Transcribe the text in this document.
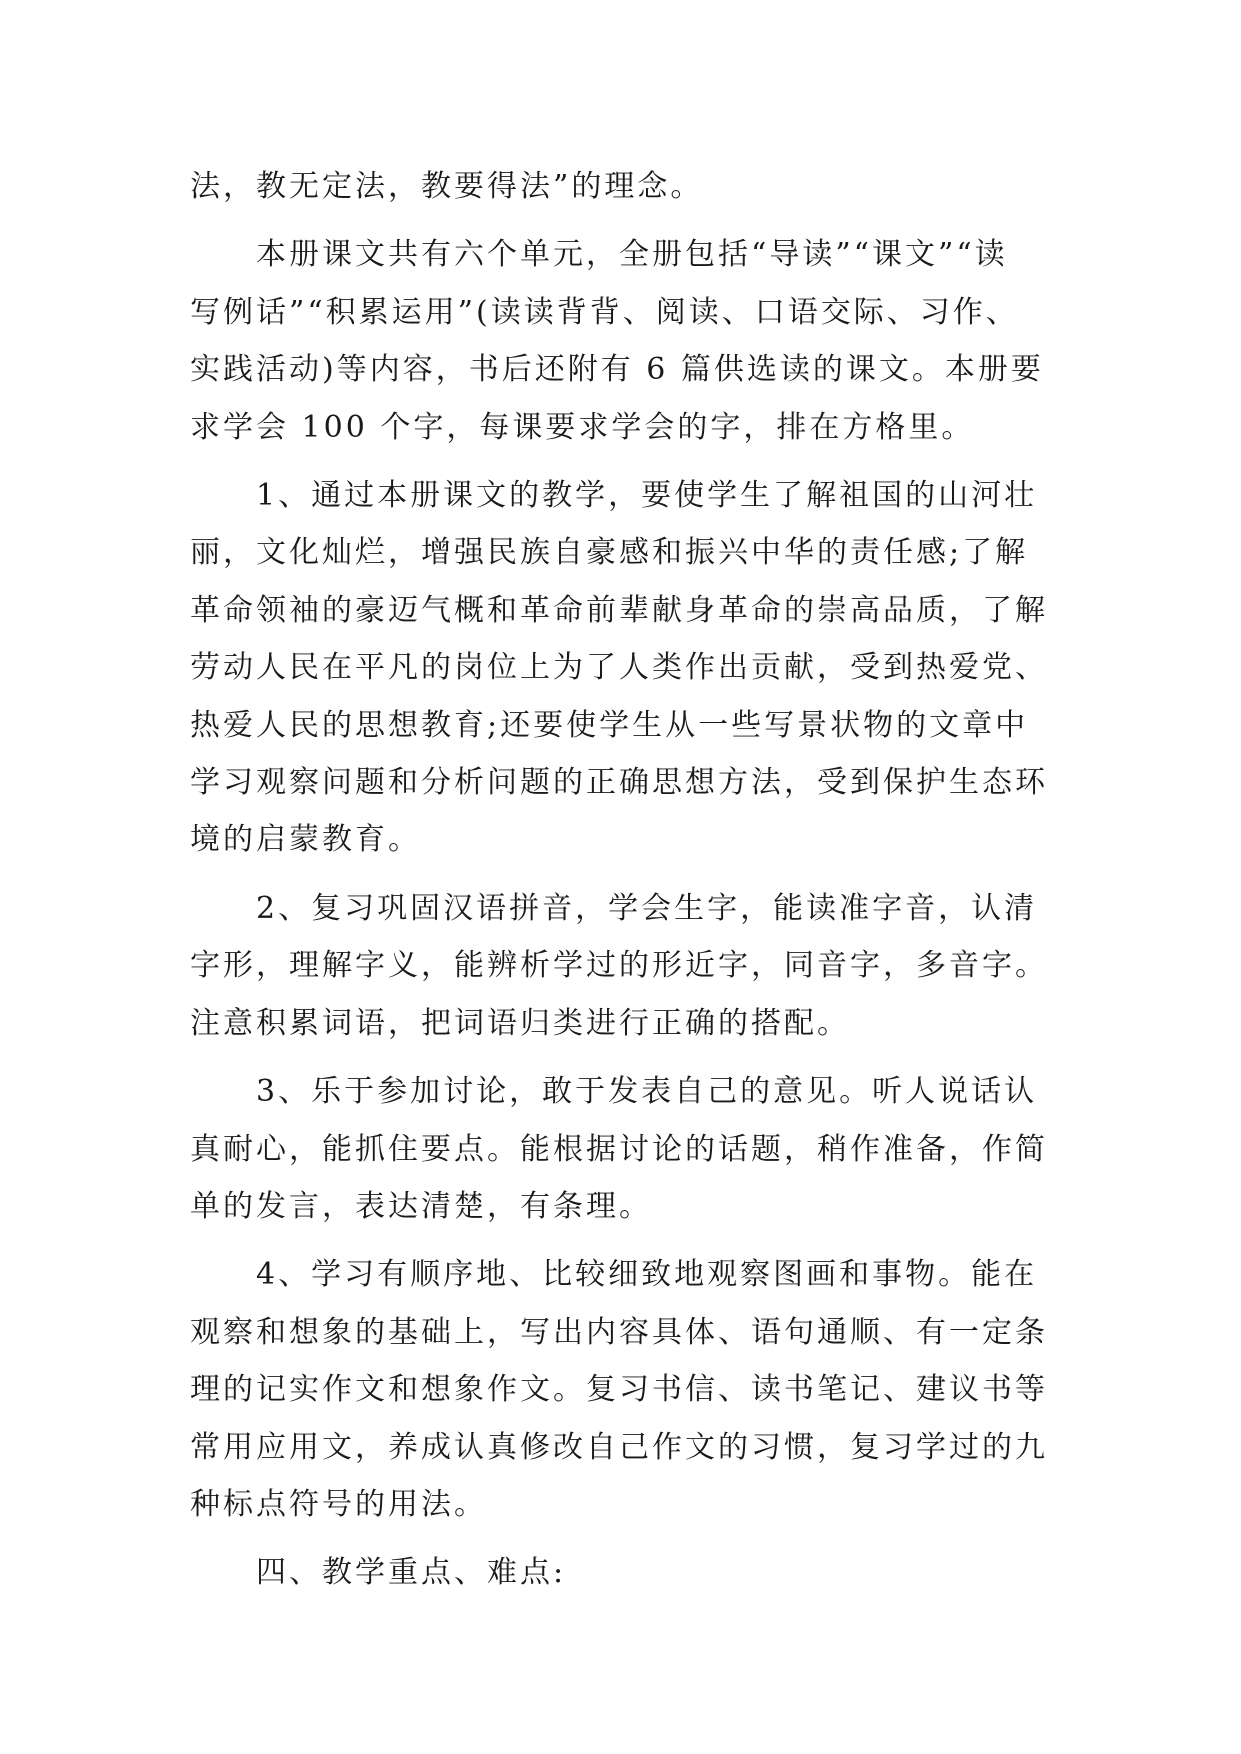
法，教无定法，教要得法”的理念。
本册课文共有六个单元，全册包括“导读”“课文”“读
写例话”“积累运用”(读读背背、阅读、口语交际、习作、
实践活动)等内容，书后还附有 6 篇供选读的课文。本册要
求学会 100 个字，每课要求学会的字，排在方格里。
1、通过本册课文的教学，要使学生了解祖国的山河壮
丽，文化灿烂，增强民族自豪感和振兴中华的责任感;了解
革命领袖的豪迈气概和革命前辈献身革命的崇高品质，了解
劳动人民在平凡的岗位上为了人类作出贡献，受到热爱党、
热爱人民的思想教育;还要使学生从一些写景状物的文章中
学习观察问题和分析问题的正确思想方法，受到保护生态环
境的启蒙教育。
2、复习巩固汉语拼音，学会生字，能读准字音，认清
字形，理解字义，能辨析学过的形近字，同音字，多音字。
注意积累词语，把词语归类进行正确的搭配。
3、乐于参加讨论，敢于发表自己的意见。听人说话认
真耐心，能抓住要点。能根据讨论的话题，稍作准备，作简
单的发言，表达清楚，有条理。
4、学习有顺序地、比较细致地观察图画和事物。能在
观察和想象的基础上，写出内容具体、语句通顺、有一定条
理的记实作文和想象作文。复习书信、读书笔记、建议书等
常用应用文，养成认真修改自己作文的习惯，复习学过的九
种标点符号的用法。
四、教学重点、难点:
